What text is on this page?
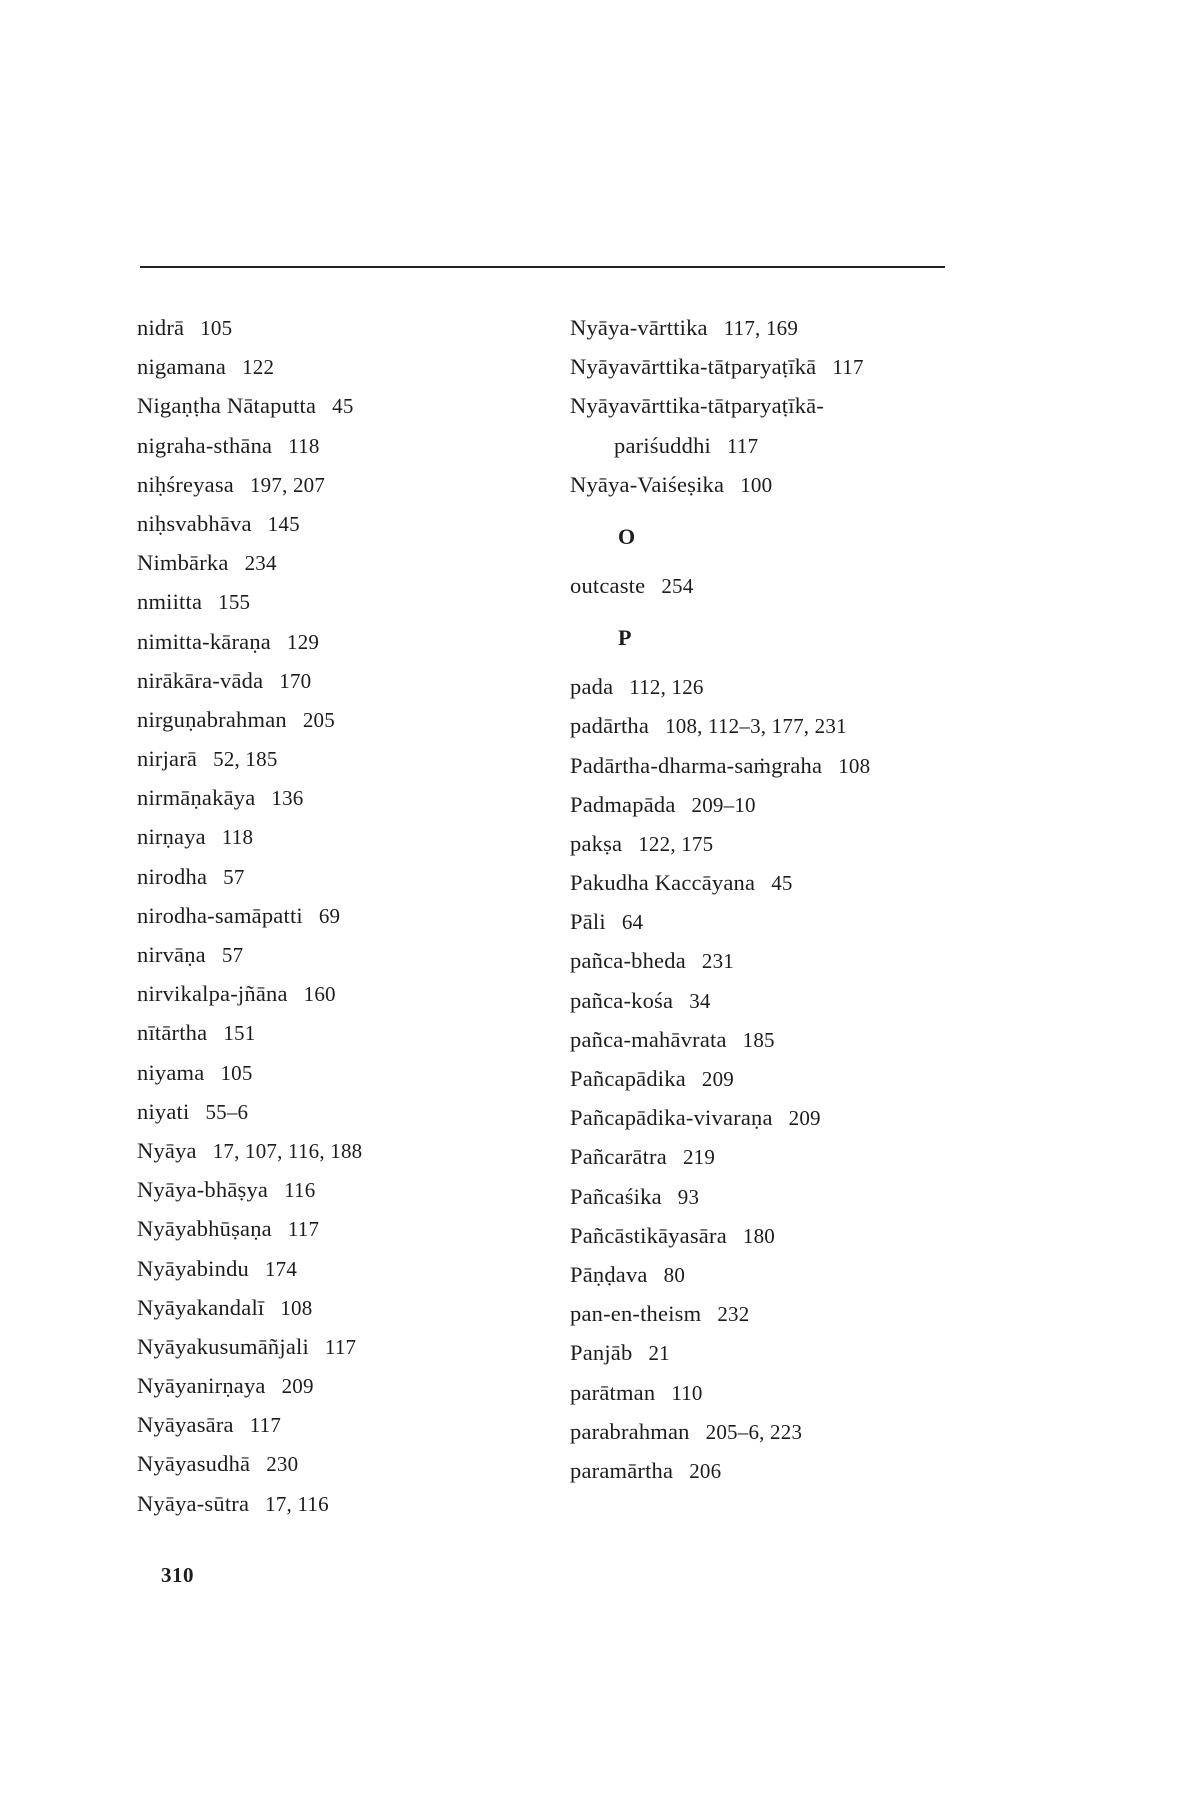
nidrā 105
nigamana 122
Nigaṇṭha Nātaputta 45
nigraha-sthāna 118
niḥśreyasa 197, 207
niḥsvabhāva 145
Nimbārka 234
nmiitta 155
nimitta-kāraṇa 129
nirākāra-vāda 170
nirguṇabrahman 205
nirjarā 52, 185
nirmāṇakāya 136
nirṇaya 118
nirodha 57
nirodha-samāpatti 69
nirvāṇa 57
nirvikalpa-jñāna 160
nītārtha 151
niyama 105
niyati 55–6
Nyāya 17, 107, 116, 188
Nyāya-bhāṣya 116
Nyāyabhūṣaṇa 117
Nyāyabindu 174
Nyāyakandalī 108
Nyāyakusumāñjali 117
Nyāyanirṇaya 209
Nyāyasāra 117
Nyāyasudhā 230
Nyāya-sūtra 17, 116
Nyāya-vārttika 117, 169
Nyāyavārttika-tātparyaṭīkā 117
Nyāyavārttika-tātparyaṭīkā-
pariśuddhi 117
Nyāya-Vaiśeṣika 100
O
outcaste 254
P
pada 112, 126
padārtha 108, 112–3, 177, 231
Padārtha-dharma-saṁgraha 108
Padmapāda 209–10
pakṣa 122, 175
Pakudha Kaccāyana 45
Pāli 64
pañca-bheda 231
pañca-kośa 34
pañca-mahāvrata 185
Pañcapādika 209
Pañcapādika-vivaraṇa 209
Pañcarātra 219
Pañcaśika 93
Pañcāstikāyasāra 180
Pāṇḍava 80
pan-en-theism 232
Panjāb 21
parātman 110
parabrahman 205–6, 223
paramārtha 206
310
